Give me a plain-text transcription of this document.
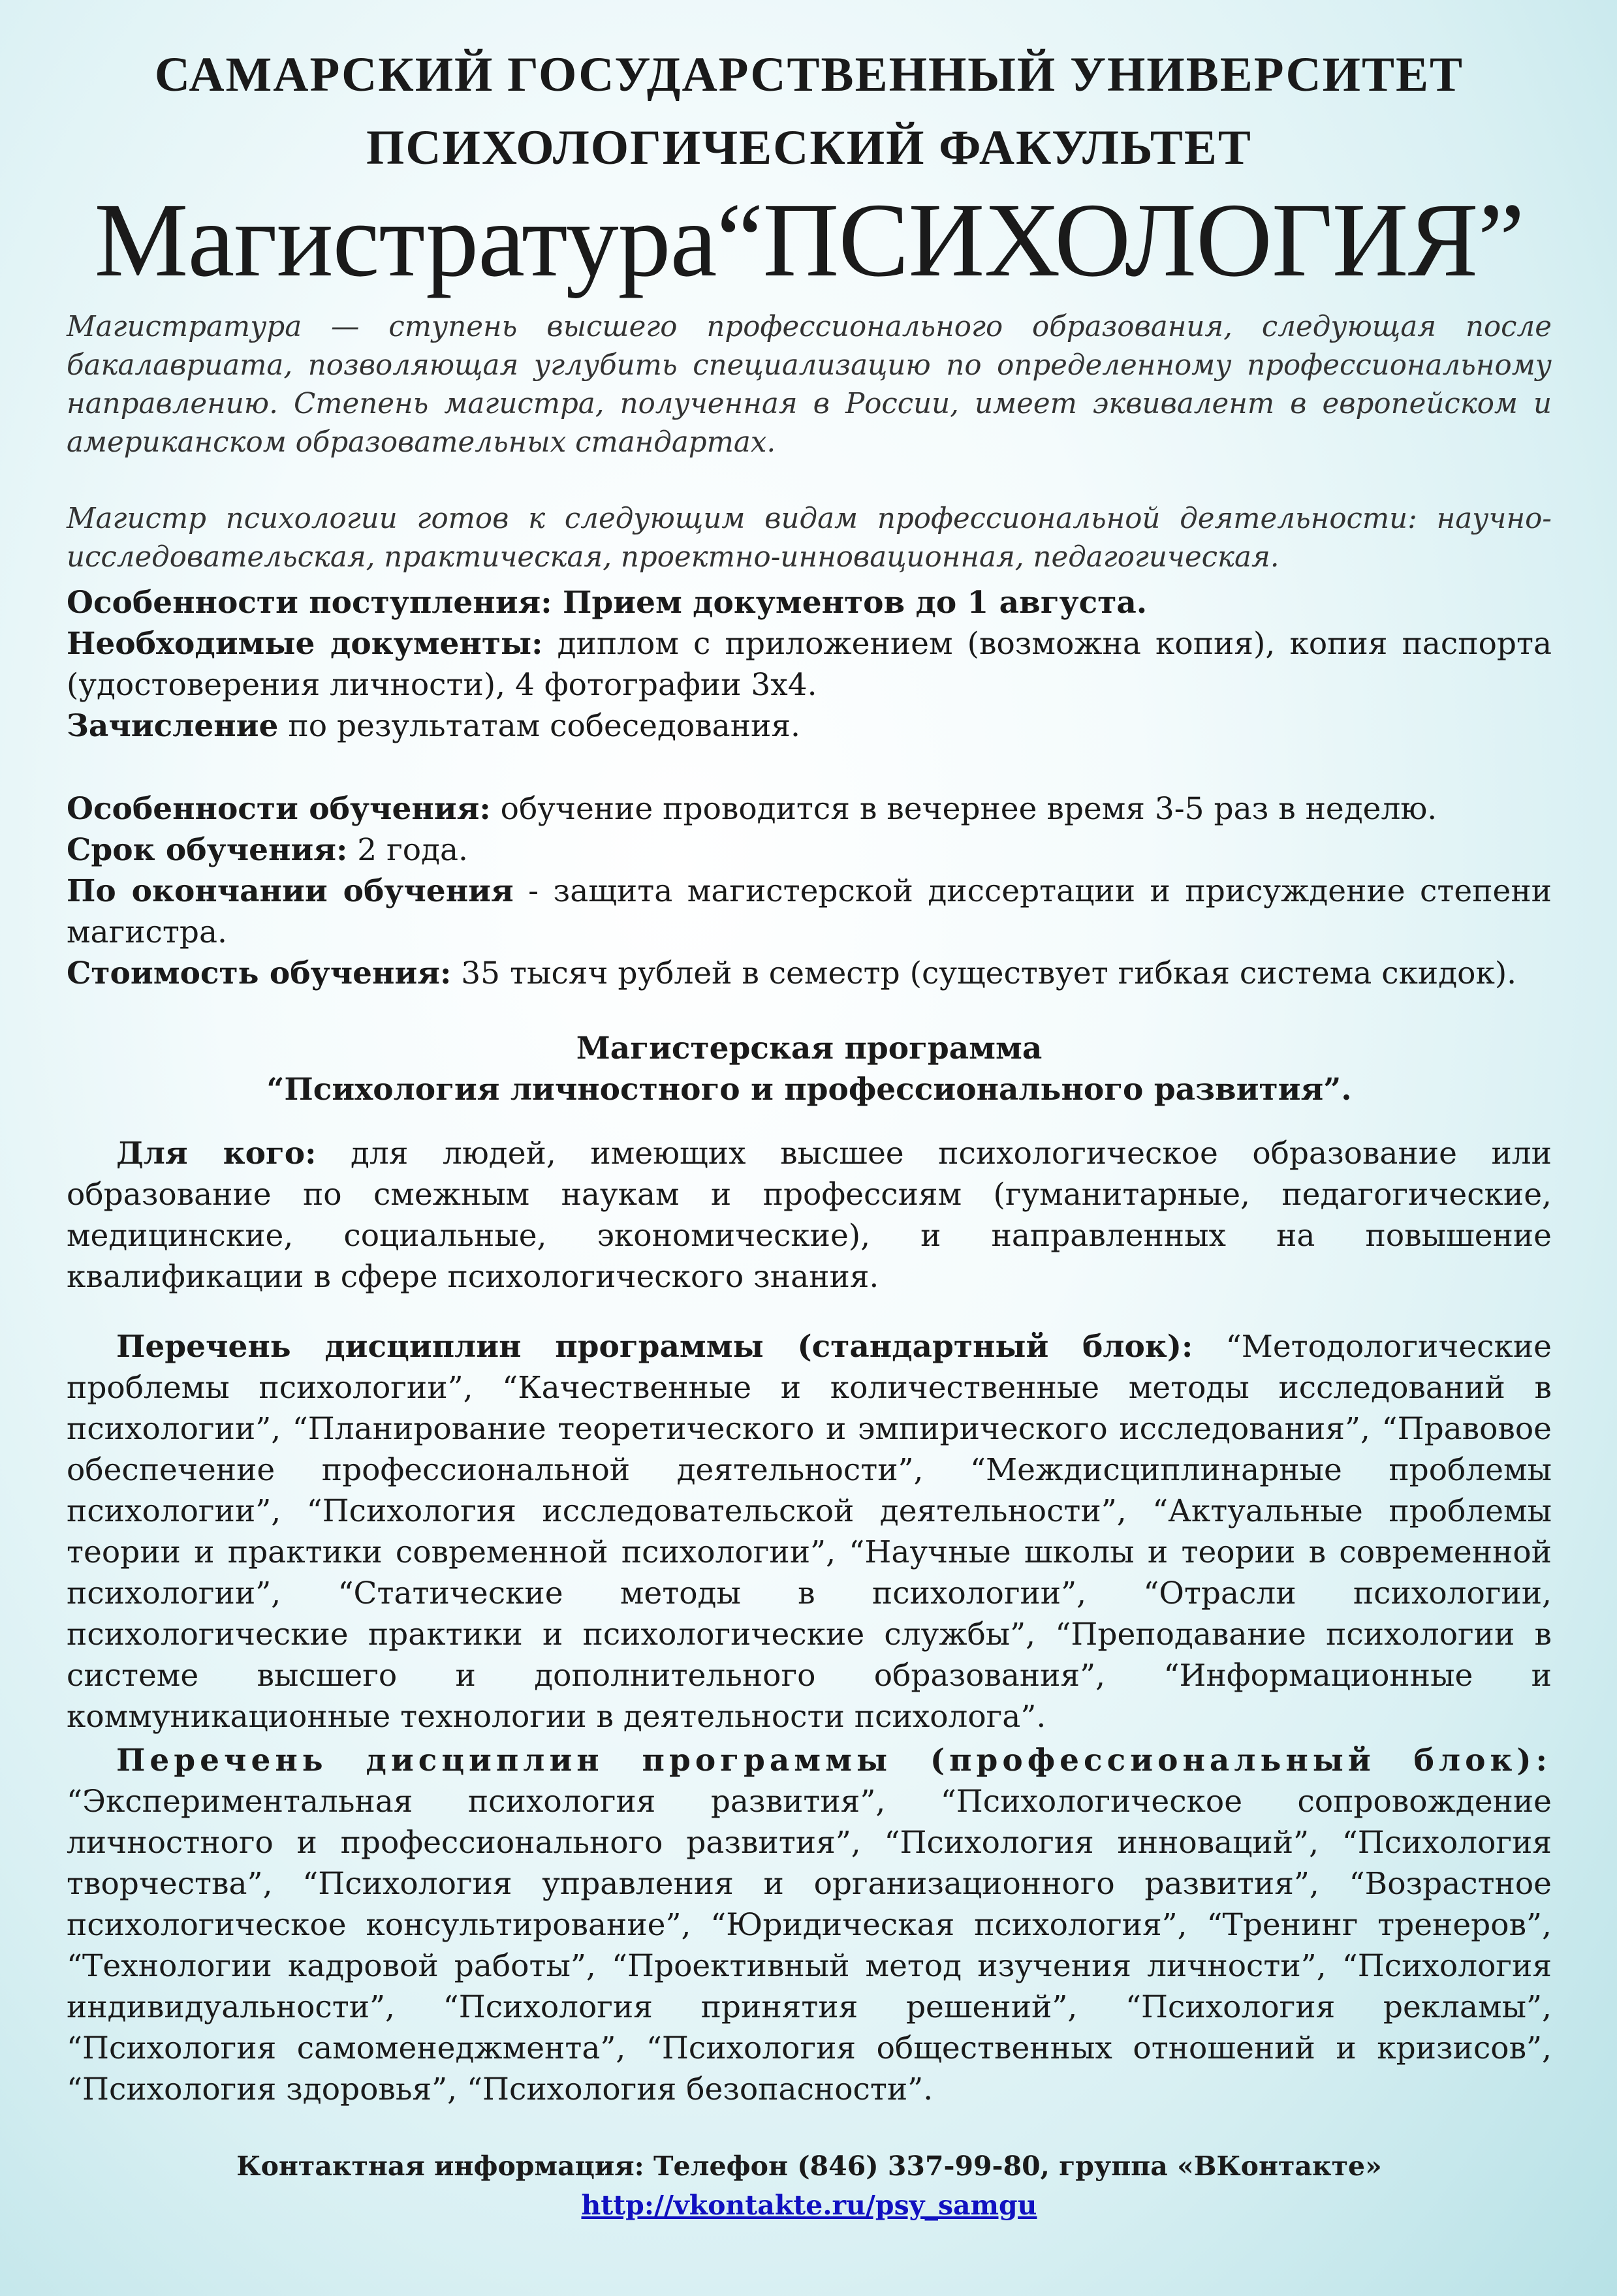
САМАРСКИЙ ГОСУДАРСТВЕННЫЙ УНИВЕРСИТЕТ
ПСИХОЛОГИЧЕСКИЙ ФАКУЛЬТЕТ
Магистратура“ПСИХОЛОГИЯ”

Магистратура — ступень высшего профессионального образования, следующая после бакалавриата, позволяющая углубить специализацию по определенному профессиональному направлению. Степень магистра, полученная в России, имеет эквивалент в европейском и американском образовательных стандартах.

Магистр психологии готов к следующим видам профессиональной деятельности: научно-исследовательская, практическая, проектно-инновационная, педагогическая.

Особенности поступления: Прием документов до 1 августа.

Необходимые документы: диплом с приложением (возможна копия), копия паспорта (удостоверения личности), 4 фотографии 3х4.

Зачисление по результатам собеседования.

Особенности обучения: обучение проводится в вечернее время 3-5 раз в неделю.

Срок обучения: 2 года.

По окончании обучения - защита магистерской диссертации и присуждение степени магистра.

Стоимость обучения: 35 тысяч рублей в семестр (существует гибкая система скидок).

Магистерская программа
“Психология личностного и профессионального развития”.

Для кого: для людей, имеющих высшее психологическое образование или образование по смежным наукам и профессиям (гуманитарные, педагогические, медицинские, социальные, экономические), и направленных на повышение квалификации в сфере психологического знания.

Перечень дисциплин программы (стандартный блок): “Методологические проблемы психологии”, “Качественные и количественные методы исследований в психологии”, “Планирование теоретического и эмпирического исследования”, “Правовое обеспечение профессиональной деятельности”, “Междисциплинарные проблемы психологии”, “Психология исследовательской деятельности”, “Актуальные проблемы теории и практики современной психологии”, “Научные школы и теории в современной психологии”, “Статические методы в психологии”, “Отрасли психологии, психологические практики и психологические службы”, “Преподавание психологии в системе высшего и дополнительного образования”, “Информационные и коммуникационные технологии в деятельности психолога”.

Перечень дисциплин программы (профессиональный блок): “Экспериментальная психология развития”, “Психологическое сопровождение личностного и профессионального развития”, “Психология инноваций”, “Психология творчества”, “Психология управления и организационного развития”, “Возрастное психологическое консультирование”, “Юридическая психология”, “Тренинг тренеров”, “Технологии кадровой работы”, “Проективный метод изучения личности”, “Психология индивидуальности”, “Психология принятия решений”, “Психология рекламы”, “Психология самоменеджмента”, “Психология общественных отношений и кризисов”, “Психология здоровья”, “Психология безопасности”.

Контактная информация: Телефон (846) 337-99-80, группа «ВКонтакте»
http://vkontakte.ru/psy_samgu
